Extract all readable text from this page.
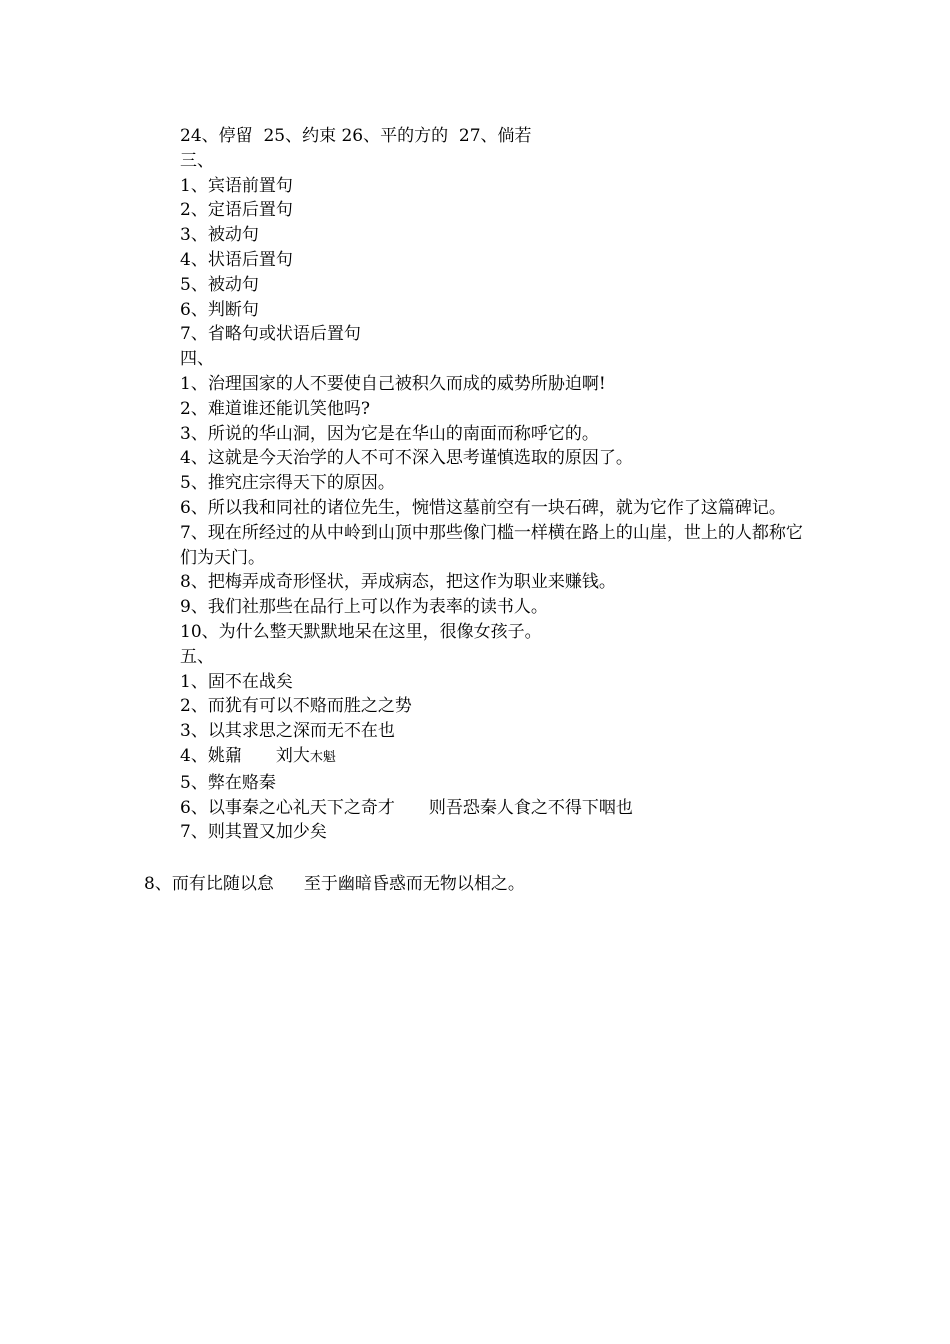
24、停留  25、约束 26、平的方的  27、倘若
三、
1、宾语前置句
2、定语后置句
3、被动句
4、状语后置句
5、被动句
6、判断句
7、省略句或状语后置句
四、
1、治理国家的人不要使自己被积久而成的威势所胁迫啊!
2、难道谁还能讥笑他吗?
3、所说的华山洞，因为它是在华山的南面而称呼它的。
4、这就是今天治学的人不可不深入思考谨慎选取的原因了。
5、推究庄宗得天下的原因。
6、所以我和同社的诸位先生，惋惜这墓前空有一块石碑，就为它作了这篇碑记。
7、现在所经过的从中岭到山顶中那些像门槛一样横在路上的山崖，世上的人都称它们为天门。
8、把梅弄成奇形怪状，弄成病态，把这作为职业来赚钱。
9、我们社那些在品行上可以作为表率的读书人。
10、为什么整天默默地呆在这里，很像女孩子。
五、
1、固不在战矣
2、而犹有可以不赂而胜之之势
3、以其求思之深而无不在也
4、姚鼐 刘大木魁
5、弊在赂秦
6、以事秦之心礼天下之奇才 则吾恐秦人食之不得下咽也
7、则其置又加少矣
8、而有比随以怠 至于幽暗昏惑而无物以相之。
